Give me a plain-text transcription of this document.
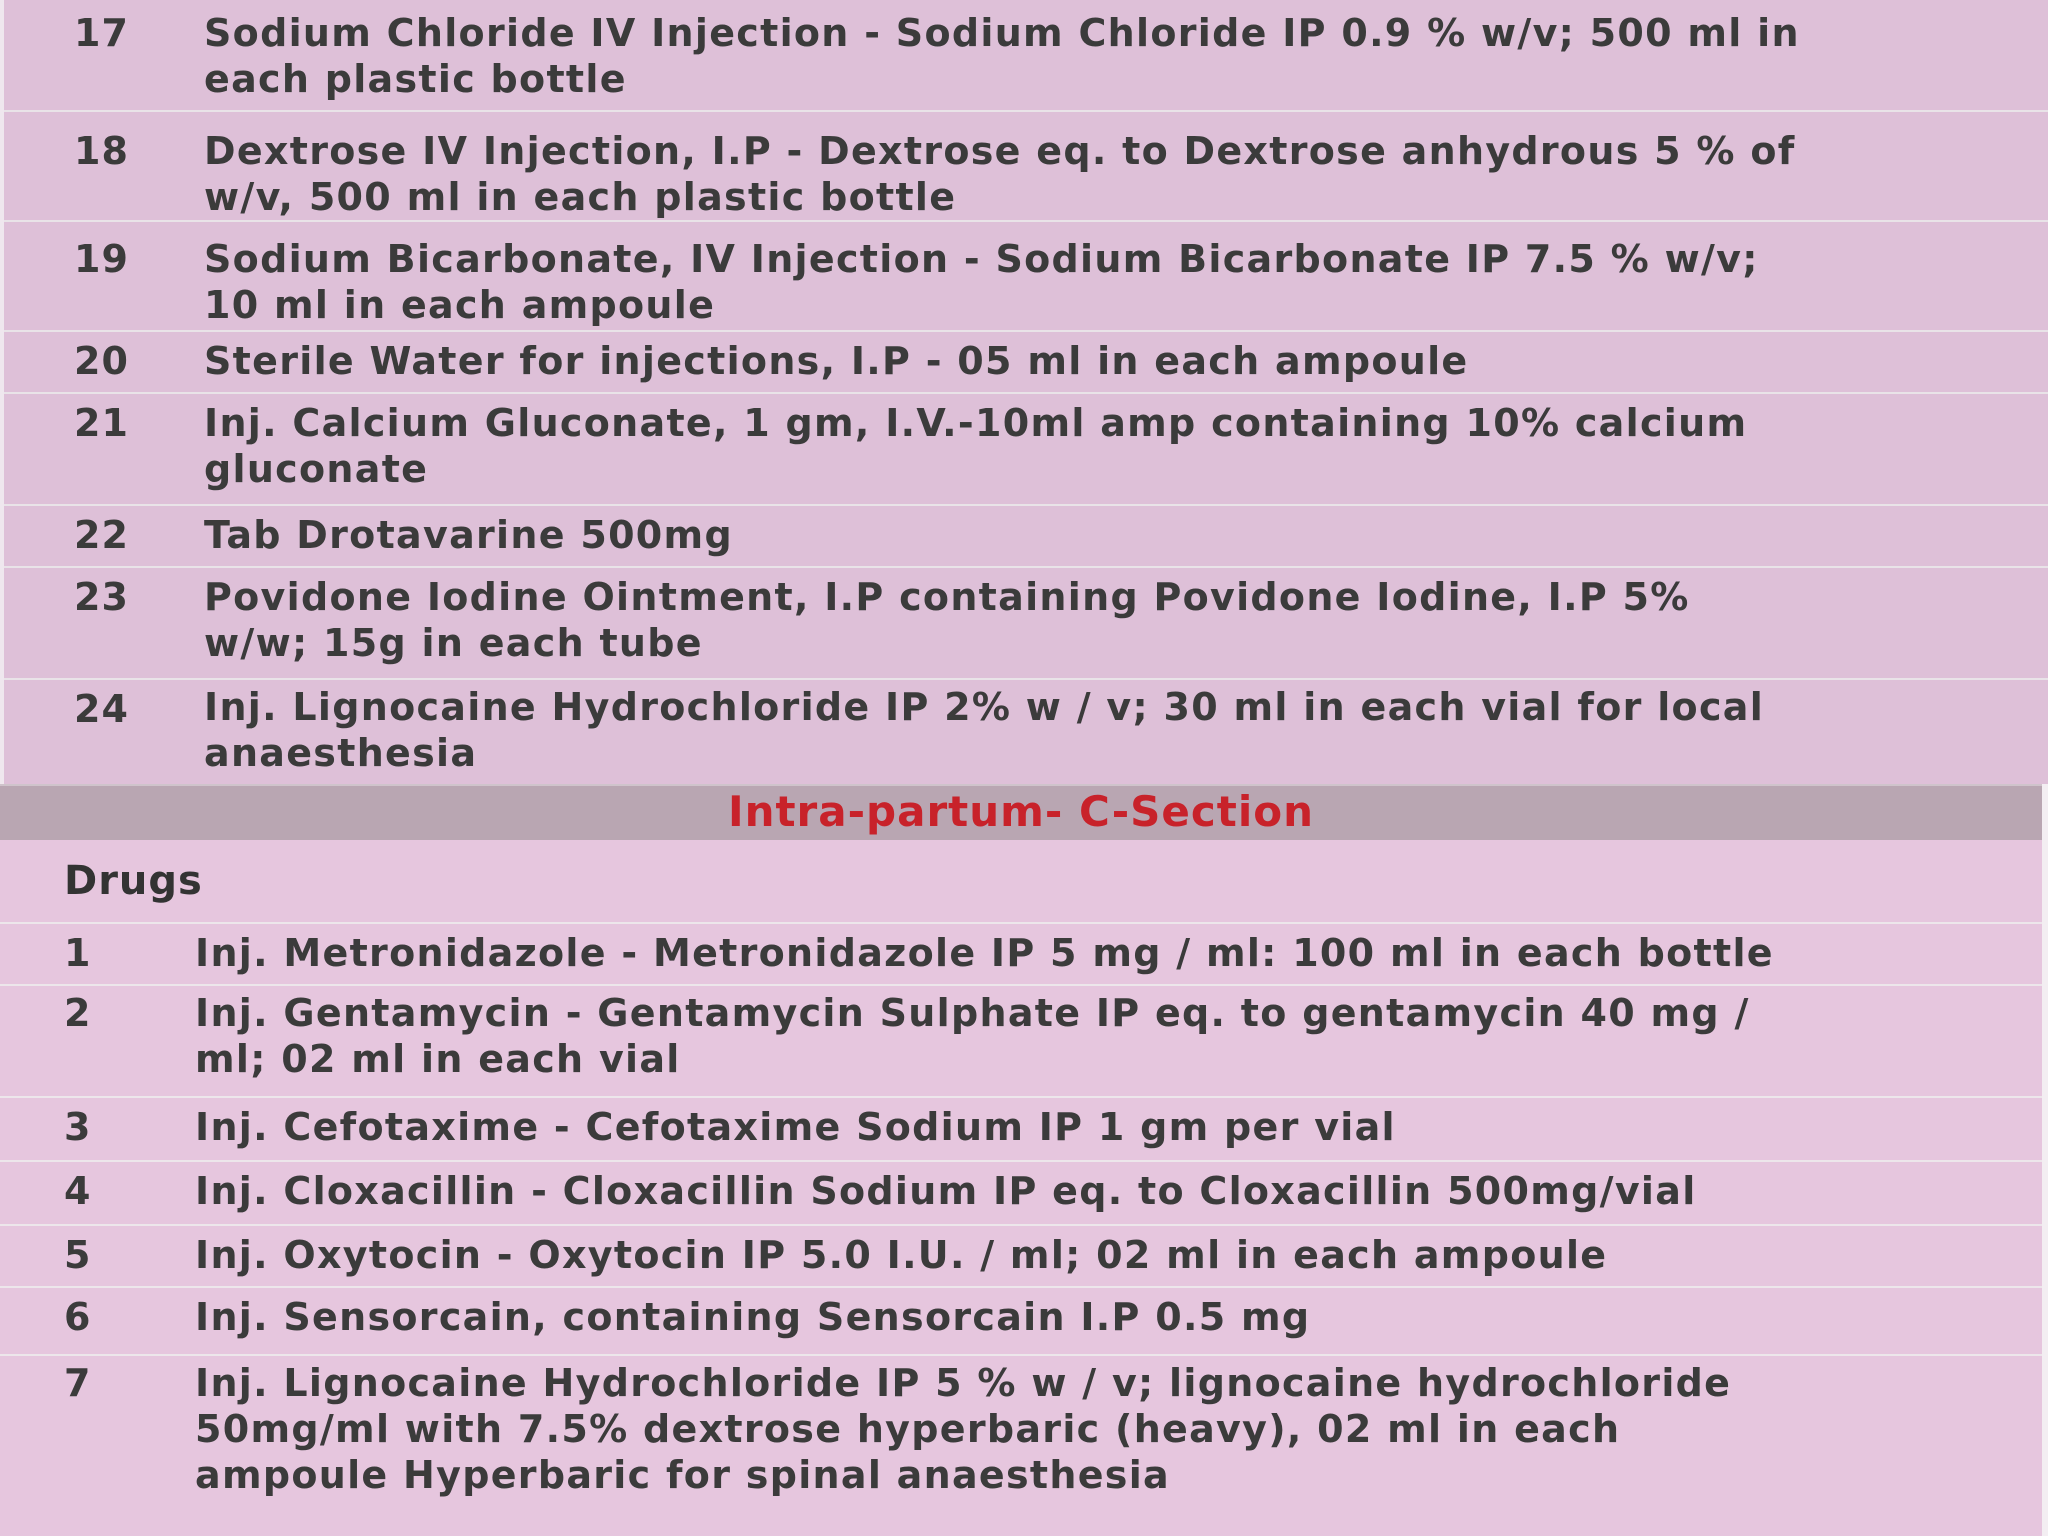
17 Sodium Chloride IV Injection - Sodium Chloride IP 0.9 % w/v; 500 ml in
each plastic bottle
18 Dextrose IV Injection, I.P - Dextrose eq. to Dextrose anhydrous 5 % of
w/v, 500 ml in each plastic bottle
19 Sodium Bicarbonate, IV Injection - Sodium Bicarbonate IP 7.5 % w/v;
10 ml in each ampoule
20 Sterile Water for injections, I.P - 05 ml in each ampoule
21 Inj. Calcium Gluconate, 1 gm, I.V.-10ml amp containing 10% calcium
gluconate
22 Tab Drotavarine 500mg
23 Povidone Iodine Ointment, I.P containing Povidone Iodine, I.P 5%
w/w; 15g in each tube
24 Inj. Lignocaine Hydrochloride IP 2% w / v; 30 ml in each vial for local
anaesthesia
Intra-partum- C-Section
Drugs
1	Inj. Metronidazole - Metronidazole IP 5 mg / ml: 100 ml in each bottle
2	Inj. Gentamycin - Gentamycin Sulphate IP eq. to gentamycin 40 mg /
ml; 02 ml in each vial
3	Inj. Cefotaxime - Cefotaxime Sodium IP 1 gm per vial
4	Inj. Cloxacillin - Cloxacillin Sodium IP eq. to Cloxacillin 500mg/vial
5	Inj. Oxytocin - Oxytocin IP 5.0 I.U. / ml; 02 ml in each ampoule
6	Inj. Sensorcain, containing Sensorcain I.P 0.5 mg
7	Inj. Lignocaine Hydrochloride IP 5 % w / v; lignocaine hydrochloride
50mg/ml with 7.5% dextrose hyperbaric (heavy), 02 ml in each
ampoule Hyperbaric for spinal anaesthesia
